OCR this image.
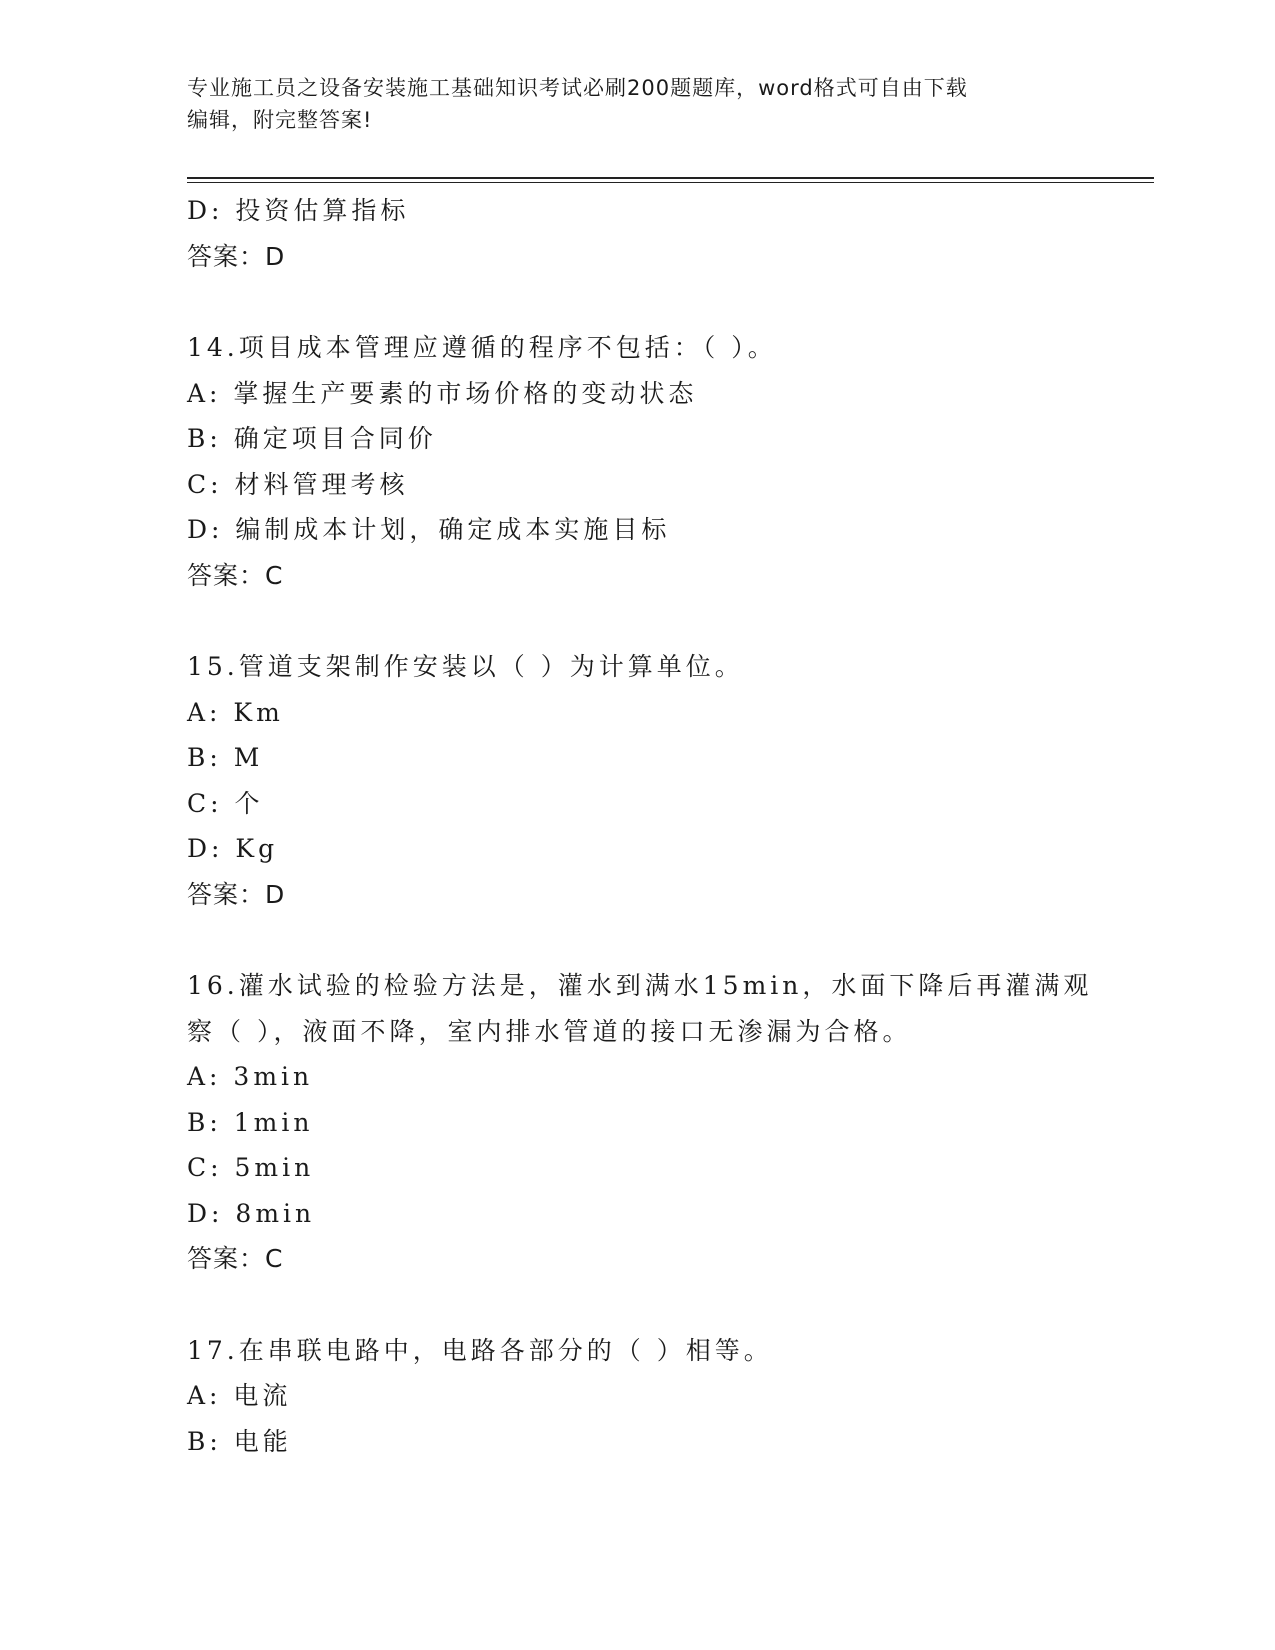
专业施工员之设备安装施工基础知识考试必刷200题题库，word格式可自由下载
编辑，附完整答案!
D: 投资估算指标
答案：D
14.项目成本管理应遵循的程序不包括：（ ）。
A: 掌握生产要素的市场价格的变动状态
B: 确定项目合同价
C: 材料管理考核
D: 编制成本计划，确定成本实施目标
答案：C
15.管道支架制作安装以（ ）为计算单位。
A: Km
B: M
C: 个
D: Kg
答案：D
16.灌水试验的检验方法是，灌水到满水15min，水面下降后再灌满观
察（ ），液面不降，室内排水管道的接口无渗漏为合格。
A: 3min
B: 1min
C: 5min
D: 8min
答案：C
17.在串联电路中，电路各部分的（ ）相等。
A: 电流
B: 电能
